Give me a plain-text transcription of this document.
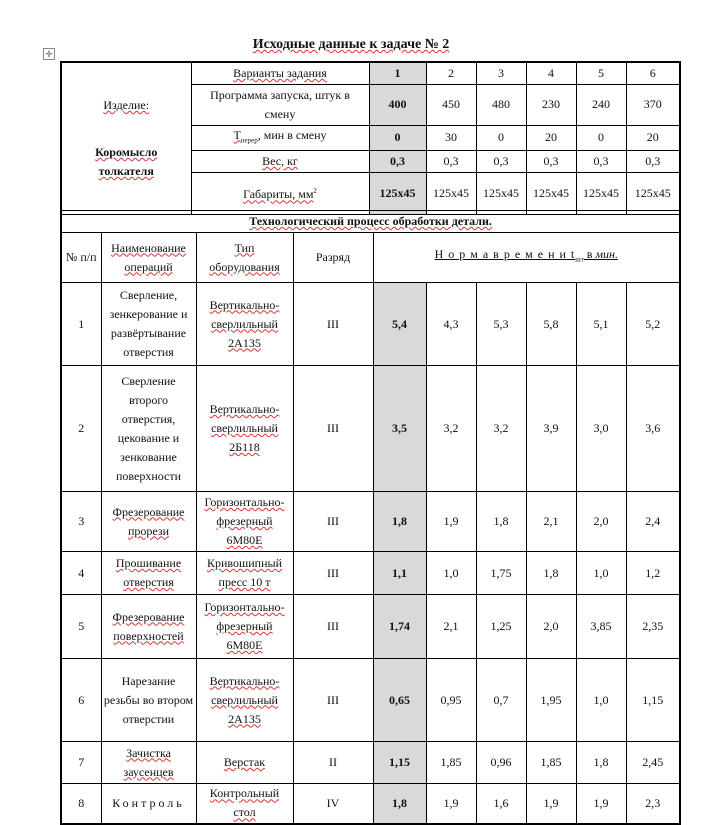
Исходные данные к задаче № 2
✛
Изделие:
Коромысло толкателя	Варианты задания	1	2	3	4	5	6
	Программа запуска, штук в смену	400	450	480	230	240	370
	$Т_{перер}$, мин в смену	0	30	0	20	0	20
	Вес, кг	0,3	0,3	0,3	0,3	0,3	0,3
	Габариты, $мм^2$	125x45	125x45	125x45	125x45	125x45	125x45
Технологический процесс обработки детали.									
№ п/п	Наименование операций	Тип оборудования	Разряд	Н о р м а в р е м е н и $t_{шт}$ в мин.					
1	Сверление, зенкерование и развёртывание отверстия	Вертикально-сверлильный 2А135	III	5,4	4,3	5,3	5,8	5,1	5,2
2	Сверление второго отверстия, цекование и зенкование поверхности	Вертикально-сверлильный 2Б118	III	3,5	3,2	3,2	3,9	3,0	3,6
3	Фрезерование прорези	Горизонтально-фрезерный 6М80Е	III	1,8	1,9	1,8	2,1	2,0	2,4
4	Прошивание отверстия	Кривошипный пресс 10 т	III	1,1	1,0	1,75	1,8	1,0	1,2
5	Фрезерование поверхностей	Горизонтально-фрезерный 6М80Е	III	1,74	2,1	1,25	2,0	3,85	2,35
6	Нарезание резьбы во втором отверстии	Вертикально-сверлильный 2А135	III	0,65	0,95	0,7	1,95	1,0	1,15
7	Зачистка заусенцев	Верстак	II	1,15	1,85	0,96	1,85	1,8	2,45
8	Контроль	Контрольный стол	IV	1,8	1,9	1,6	1,9	1,9	2,3
